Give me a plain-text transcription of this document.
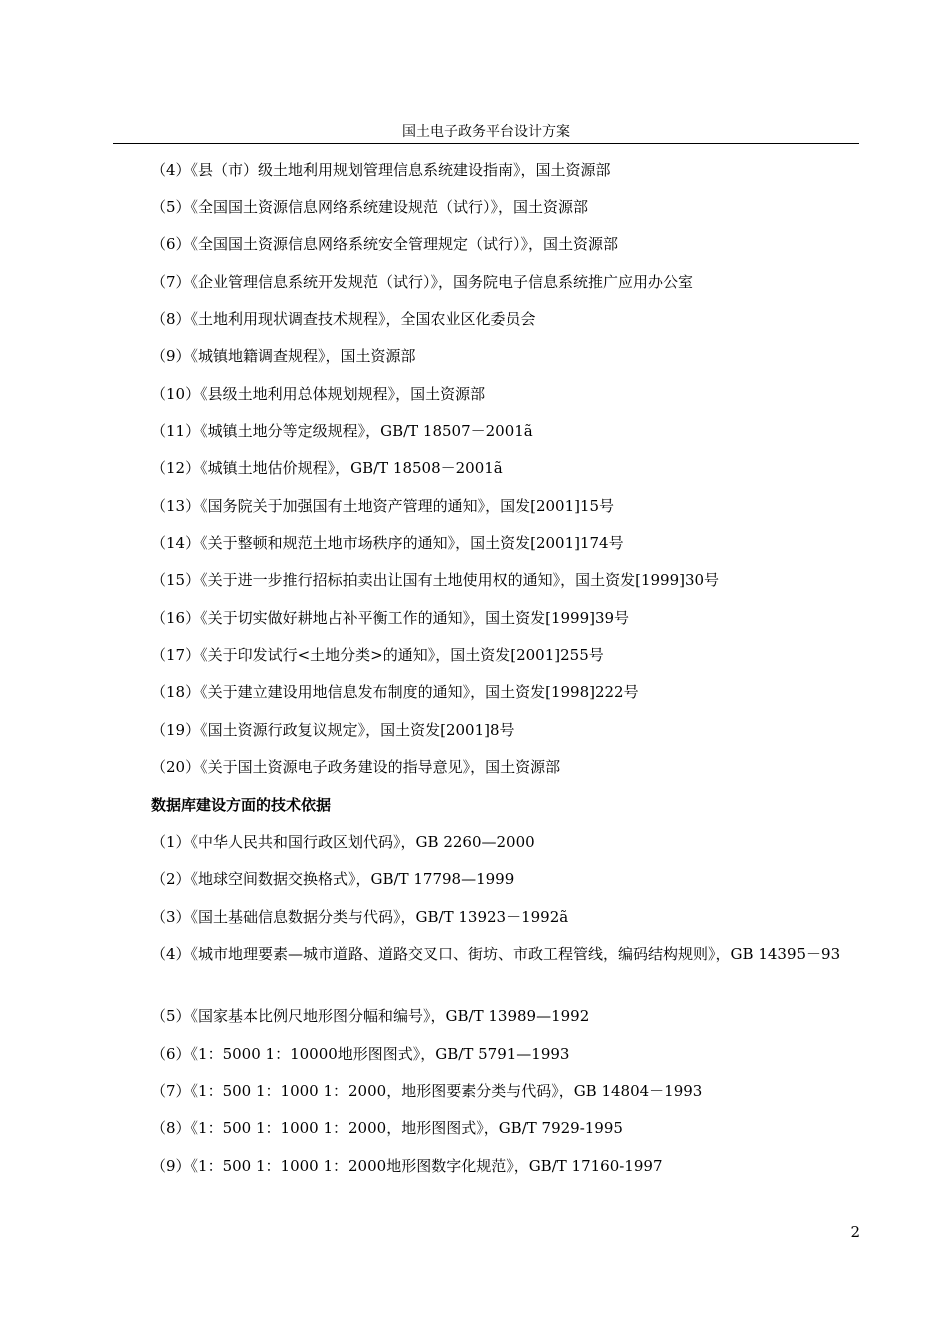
国土电子政务平台设计方案
（4）《县（市）级土地利用规划管理信息系统建设指南》，国土资源部
（5）《全国国土资源信息网络系统建设规范（试行）》，国土资源部
（6）《全国国土资源信息网络系统安全管理规定（试行）》，国土资源部
（7）《企业管理信息系统开发规范（试行）》，国务院电子信息系统推广应用办公室
（8）《土地利用现状调查技术规程》，全国农业区化委员会
（9）《城镇地籍调查规程》，国土资源部
（10）《县级土地利用总体规划规程》，国土资源部
（11）《城镇土地分等定级规程》，GB/T 18507－2001ã
（12）《城镇土地估价规程》，GB/T 18508－2001ã
（13）《国务院关于加强国有土地资产管理的通知》，国发[2001]15号
（14）《关于整顿和规范土地市场秩序的通知》，国土资发[2001]174号
（15）《关于进一步推行招标拍卖出让国有土地使用权的通知》，国土资发[1999]30号
（16）《关于切实做好耕地占补平衡工作的通知》，国土资发[1999]39号
（17）《关于印发试行<土地分类>的通知》，国土资发[2001]255号
（18）《关于建立建设用地信息发布制度的通知》，国土资发[1998]222号
（19）《国土资源行政复议规定》，国土资发[2001]8号
（20）《关于国土资源电子政务建设的指导意见》，国土资源部
数据库建设方面的技术依据
（1）《中华人民共和国行政区划代码》，GB 2260—2000
（2）《地球空间数据交换格式》，GB/T 17798—1999
（3）《国土基础信息数据分类与代码》，GB/T 13923－1992ã
（4）《城市地理要素—城市道路、道路交叉口、街坊、市政工程管线，编码结构规则》，GB 14395－93
（5）《国家基本比例尺地形图分幅和编号》，GB/T 13989—1992
（6）《1：5000 1：10000地形图图式》，GB/T 5791—1993
（7）《1：500 1：1000 1：2000，地形图要素分类与代码》，GB 14804－1993
（8）《1：500 1：1000 1：2000，地形图图式》，GB/T 7929-1995
（9）《1：500 1：1000 1：2000地形图数字化规范》，GB/T 17160-1997
2
